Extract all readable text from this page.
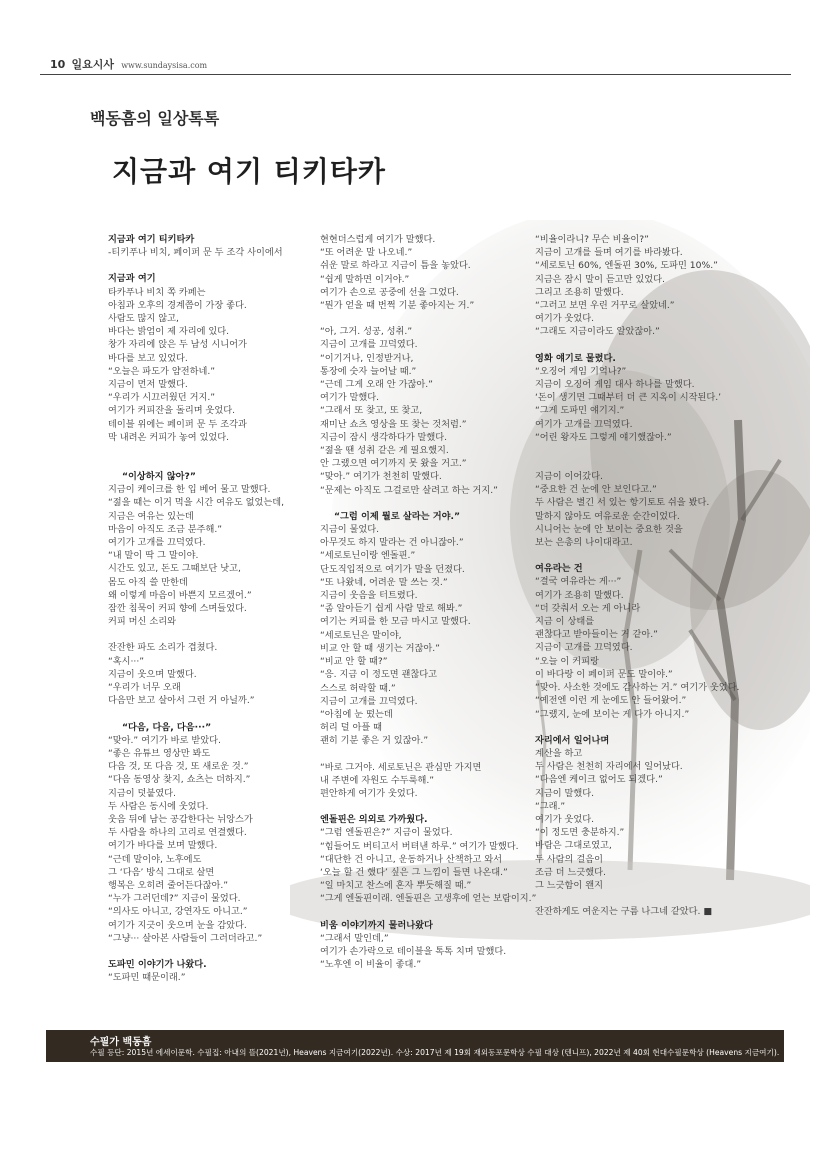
10 일요시사 www.sundaysisa.com
백동흠의 일상톡톡
지금과 여기 티키타카

지금과 여기 티키타카

-티키푸나 비치, 페이퍼 문 두 조각 사이에서

지금과 여기

타카푸나 비치 쪽 카페는

아침과 오후의 경계쯤이 가장 좋다.

사람도 많지 않고,

바다는 밝엄이 제 자리에 있다.

창가 자리에 앉은 두 남성 시니어가

바다를 보고 있었다.

“오늘은 파도가 얌전하네.”

지금이 먼저 말했다.

“우리가 시끄러웠던 거지.”

여기가 커피잔을 돌리며 웃었다.

테이블 위에는 페이퍼 문 두 조각과

막 내려온 커피가 놓여 있었다.

“이상하지 않아?”

지금이 케이크를 한 입 베어 물고 말했다.

“젊을 때는 이거 먹을 시간 여유도 없었는데,

지금은 여유는 있는데

마음이 아직도 조금 분주해.”

여기가 고개를 끄덕였다.

“내 말이 딱 그 말이야.

시간도 있고, 돈도 그때보단 낫고,

몸도 아직 쓸 만한데

왜 이렇게 마음이 바쁜지 모르겠어.”

잠깐 침묵이 커피 향에 스며들었다.

커피 머신 소리와

잔잔한 파도 소리가 겹쳤다.

“혹시···”

지금이 웃으며 말했다.

“우리가 너무 오래

다음만 보고 살아서 그런 거 아닐까.”

“다음, 다음, 다음···”

“맞아.” 여기가 바로 받았다.

“좋은 유튜브 영상만 봐도

다음 것, 또 다음 것, 또 새로운 것.”

“다음 동영상 찾지, 쇼츠는 더하지.”

지금이 덧붙였다.

두 사람은 동시에 웃었다.

웃음 뒤에 남는 공감한다는 뉘앙스가

두 사람을 하나의 고리로 연결했다.

여기가 바다를 보며 말했다.

“근데 말이야, 노후에도

그 ‘다음’ 방식 그대로 살면

행복은 오히려 줄어든다잖아.”

“누가 그러던데?” 지금이 물었다.

“의사도 아니고, 강연자도 아니고.”

여기가 지긋이 웃으며 눈을 감았다.

“그냥··· 살아본 사람들이 그러더라고.”

도파민 이야기가 나왔다.

“도파민 때문이래.”

현현더스럽게 여기가 말했다.

“또 어려운 말 나오네.”

쉬운 말로 하라고 지금이 틈을 놓았다.

“쉽게 말하면 이거야.”

여기가 손으로 공중에 선을 그었다.

“뭔가 얻을 때 번쩍 기분 좋아지는 거.”

“아, 그거. 성공, 성취.”

지금이 고개를 끄덕였다.

“이기거나, 인정받거나,

통장에 숫자 늘어날 때.”

“근데 그게 오래 안 가잖아.”

여기가 말했다.

“그래서 또 찾고, 또 찾고,

재미난 쇼츠 영상을 또 찾는 것처럼.”

지금이 잠시 생각하다가 말했다.

“젊을 땐 성취 같은 게 필요했지.

안 그랬으면 여기까지 못 왔을 거고.”

“맞아.” 여기가 천천히 말했다.

“문제는 아직도 그걸로만 살려고 하는 거지.”

“그럼 이제 뭘로 살라는 거야.”

지금이 물었다.

아무것도 하지 말라는 건 아니잖아.”

“세로토닌이랑 엔돌핀.”

단도직입적으로 여기가 말을 던졌다.

“또 나왔네, 어려운 말 쓰는 것.”

지금이 웃음을 터트렸다.

“좀 알아듣기 쉽게 사람 말로 해봐.”

여기는 커피를 한 모금 마시고 말했다.

“세로토닌은 말이야,

비교 안 할 때 생기는 거잖아.”

“비교 안 할 때?”

“응. 지금 이 정도면 괜찮다고

스스로 허락할 때.”

지금이 고개를 끄덕였다.

“아침에 눈 떴는데

허리 덜 아플 때

괜히 기분 좋은 거 있잖아.”

“바로 그거야. 세로토닌은 관심만 가지면

내 주변에 자원도 수두룩해.”

편안하게 여기가 웃었다.

엔돌핀은 의외로 가까웠다.

“그럼 엔돌핀은?” 지금이 물었다.

“힘들어도 버티고서 버텨낸 하루.” 여기가 말했다.

“대단한 건 아니고, 운동하거나 산책하고 와서

‘오늘 할 건 했다’ 싶은 그 느낌이 들면 나온대.”

“일 마치고 찬스에 혼자 뿌듯해질 때.”

“그게 엔돌핀이래. 엔돌핀은 고생후에 얻는 보람이지.”

비움 이야기까지 물러나왔다

“그래서 말인데,”

여기가 손가락으로 테이블을 톡톡 치며 말했다.

“노후엔 이 비율이 좋대.”

“비율이라니? 무슨 비율이?”

지금이 고개를 들며 여기를 바라봤다.

“세로토닌 60%, 엔돌핀 30%, 도파민 10%.”

지금은 잠시 말이 듣고만 있었다.

그리고 조용히 말했다.

“그러고 보면 우린 거꾸로 살았네.”

여기가 웃었다.

“그래도 지금이라도 알았잖아.”

영화 얘기로 물렸다.

“오징어 게임 기억나?”

지금이 오징어 게임 대사 하나를 말했다.

‘돈이 생기면 그때부터 더 큰 지옥이 시작된다.’

“그게 도파민 얘기지.”

여기가 고개를 끄덕였다.

“어린 왕자도 그렇게 얘기했잖아.”

지금이 이어갔다.

“중요한 건 눈에 안 보인다고.”

두 사람은 별긴 서 있는 항기토토 쉬을 봤다.

말하지 않아도 여유로운 순간이었다.

시니어는 눈에 안 보이는 중요한 것을

보는 은총의 나이대라고.

여유라는 건

“결국 여유라는 게···”

여기가 조용히 말했다.

“더 갖춰서 오는 게 아니라

지금 이 상태를

괜찮다고 받아들이는 거 같아.”

지금이 고개를 끄덕였다.

“오늘 이 커피랑

이 바다랑 이 페이퍼 문도 말이야.”

“맞아. 사소한 것에도 감사하는 거.” 여기가 웃었다.

“예전엔 이런 게 눈에도 안 들어왔어.”

“그랬지, 눈에 보이는 게 다가 아니지.”

자리에서 일어나며

계산을 하고

두 사람은 천천히 자리에서 일어났다.

“다음엔 케이크 없어도 되겠다.”

지금이 말했다.

“그래.”

여기가 웃었다.

“이 정도면 충분하지.”

바람은 그대로였고,

두 사람의 걸음이

조금 더 느긋했다.

그 느긋함이 왠지

잔잔하게도 여운지는 구름 나그네 같았다. ■

수필가 백동흠
수필 등단: 2015년 에세이문학. 수필집: 아내의 뜰(2021년), Heavens 지금여기(2022년). 수상: 2017년 제 19회 재외동포문학상 수필 대상 (텐니프), 2022년 제 40회 현대수필문학상 (Heavens 지금여기).
